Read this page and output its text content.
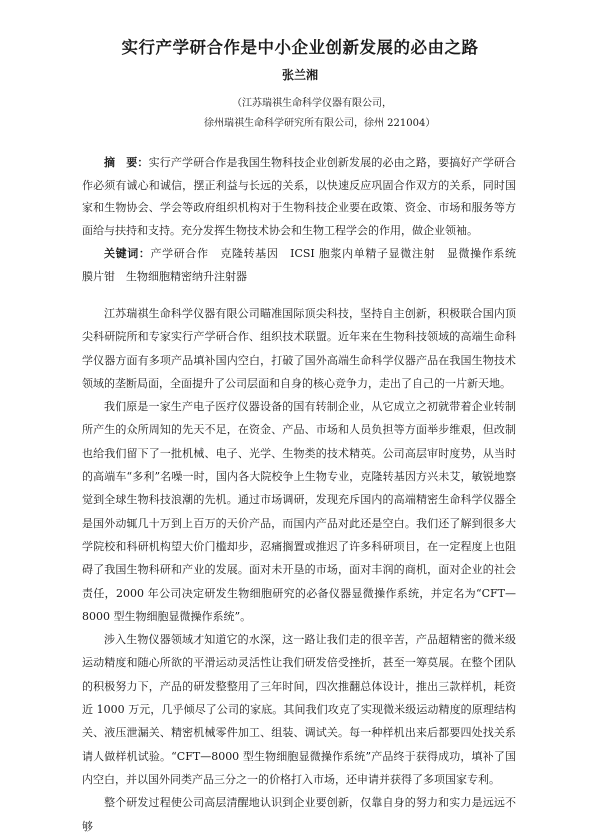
实行产学研合作是中小企业创新发展的必由之路
张兰湘
（江苏瑞祺生命科学仪器有限公司，
徐州瑞祺生命科学研究所有限公司，徐州 221004）

摘　要：实行产学研合作是我国生物科技企业创新发展的必由之路，要搞好产学研合作必须有诚心和诚信，摆正利益与长远的关系，以快速反应巩固合作双方的关系，同时国家和生物协会、学会等政府组织机构对于生物科技企业要在政策、资金、市场和服务等方面给与扶持和支持。充分发挥生物技术协会和生物工程学会的作用，做企业领袖。

关键词：产学研合作　克隆转基因　ICSI 胞浆内单精子显微注射　显微操作系统　膜片钳　生物细胞精密纳升注射器

江苏瑞祺生命科学仪器有限公司瞄准国际顶尖科技，坚持自主创新，积极联合国内顶尖科研院所和专家实行产学研合作、组织技术联盟。近年来在生物科技领域的高端生命科学仪器方面有多项产品填补国内空白，打破了国外高端生命科学仪器产品在我国生物技术领域的垄断局面，全面提升了公司层面和自身的核心竞争力，走出了自己的一片新天地。

我们原是一家生产电子医疗仪器设备的国有转制企业，从它成立之初就带着企业转制所产生的众所周知的先天不足，在资金、产品、市场和人员负担等方面举步维艰，但改制也给我们留下了一批机械、电子、光学、生物类的技术精英。公司高层审时度势，从当时的高端车“多利”名噪一时，国内各大院校争上生物专业，克隆转基因方兴未艾，敏锐地察觉到全球生物科技浪潮的先机。通过市场调研，发现充斥国内的高端精密生命科学仪器全是国外动辄几十万到上百万的天价产品，而国内产品对此还是空白。我们还了解到很多大学院校和科研机构望大价门槛却步，忍痛搁置或推迟了许多科研项目，在一定程度上也阻碍了我国生物科研和产业的发展。面对未开垦的市场，面对丰润的商机，面对企业的社会责任，2000 年公司决定研发生物细胞研究的必备仪器显微操作系统，并定名为“CFT—8000 型生物细胞显微操作系统”。

涉入生物仪器领域才知道它的水深，这一路让我们走的很辛苦，产品超精密的微米级运动精度和随心所欲的平滑运动灵活性让我们研发倍受挫折，甚至一筹莫展。在整个团队的积极努力下，产品的研发整整用了三年时间，四次推翻总体设计，推出三款样机，耗资近 1000 万元，几乎倾尽了公司的家底。其间我们攻克了实现微米级运动精度的原理结构关、液压泄漏关、精密机械零件加工、组装、调试关。每一种样机出来后都要四处找关系请人做样机试验。“CFT—8000 型生物细胞显微操作系统”产品终于获得成功，填补了国内空白，并以国外同类产品三分之一的价格打入市场，还申请并获得了多项国家专利。

整个研发过程使公司高层清醒地认识到企业要创新，仅靠自身的努力和实力是远远不够
